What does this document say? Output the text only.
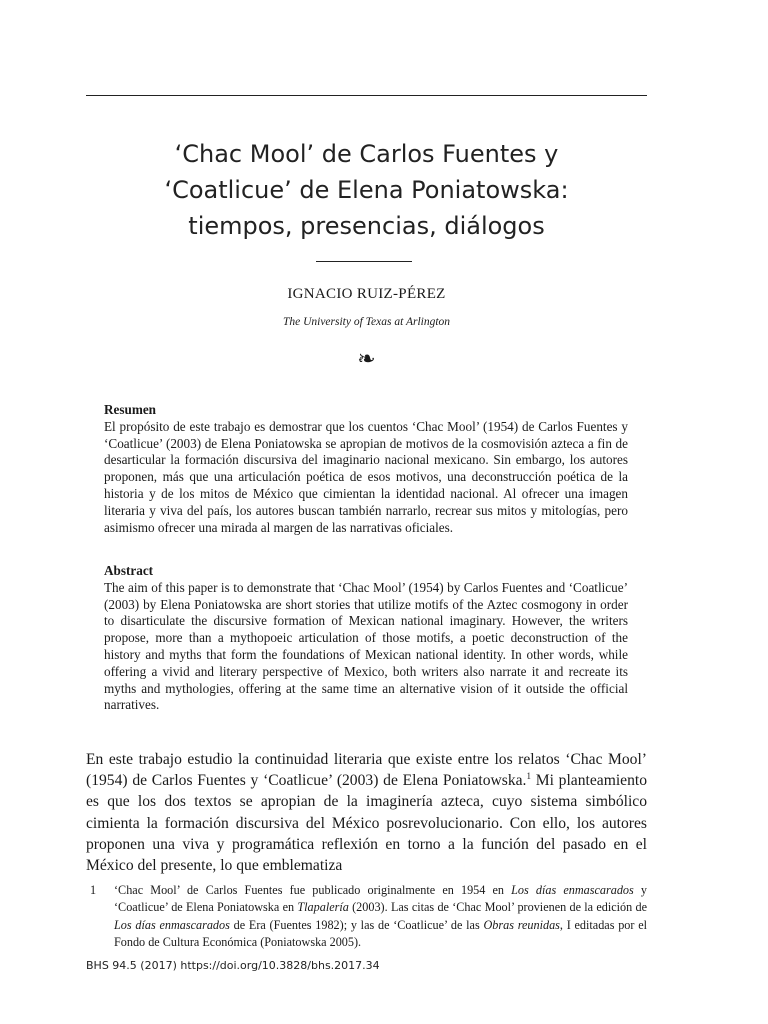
‘Chac Mool’ de Carlos Fuentes y
‘Coatlicue’ de Elena Poniatowska:
tiempos, presencias, diálogos
IGNACIO RUIZ-PÉREZ
The University of Texas at Arlington
❧
Resumen
El propósito de este trabajo es demostrar que los cuentos ‘Chac Mool’ (1954) de Carlos Fuentes y ‘Coatlicue’ (2003) de Elena Poniatowska se apropian de motivos de la cosmovisión azteca a fin de desarticular la formación discursiva del imaginario nacional mexicano. Sin embargo, los autores proponen, más que una articulación poética de esos motivos, una deconstrucción poética de la historia y de los mitos de México que cimientan la identidad nacional. Al ofrecer una imagen literaria y viva del país, los autores buscan también narrarlo, recrear sus mitos y mitologías, pero asimismo ofrecer una mirada al margen de las narrativas oficiales.
Abstract
The aim of this paper is to demonstrate that ‘Chac Mool’ (1954) by Carlos Fuentes and ‘Coatlicue’ (2003) by Elena Poniatowska are short stories that utilize motifs of the Aztec cosmogony in order to disarticulate the discursive formation of Mexican national imaginary. However, the writers propose, more than a mythopoeic articulation of those motifs, a poetic deconstruction of the history and myths that form the foundations of Mexican national identity. In other words, while offering a vivid and literary perspective of Mexico, both writers also narrate it and recreate its myths and mythologies, offering at the same time an alternative vision of it outside the official narratives.

En este trabajo estudio la continuidad literaria que existe entre los relatos ‘Chac Mool’ (1954) de Carlos Fuentes y ‘Coatlicue’ (2003) de Elena Poniatowska.$^1$ Mi planteamiento es que los dos textos se apropian de la imaginería azteca, cuyo sistema simbólico cimienta la formación discursiva del México posrevolucionario. Con ello, los autores proponen una viva y programática reflexión en torno a la función del pasado en el México del presente, lo que emblematiza

1 ‘Chac Mool’ de Carlos Fuentes fue publicado originalmente en 1954 en Los días enmascarados y ‘Coatlicue’ de Elena Poniatowska en Tlapalería (2003). Las citas de ‘Chac Mool’ provienen de la edición de Los días enmascarados de Era (Fuentes 1982); y las de ‘Coatlicue’ de las Obras reunidas, I editadas por el Fondo de Cultura Económica (Poniatowska 2005).
BHS 94.5 (2017) https://doi.org/10.3828/bhs.2017.34
